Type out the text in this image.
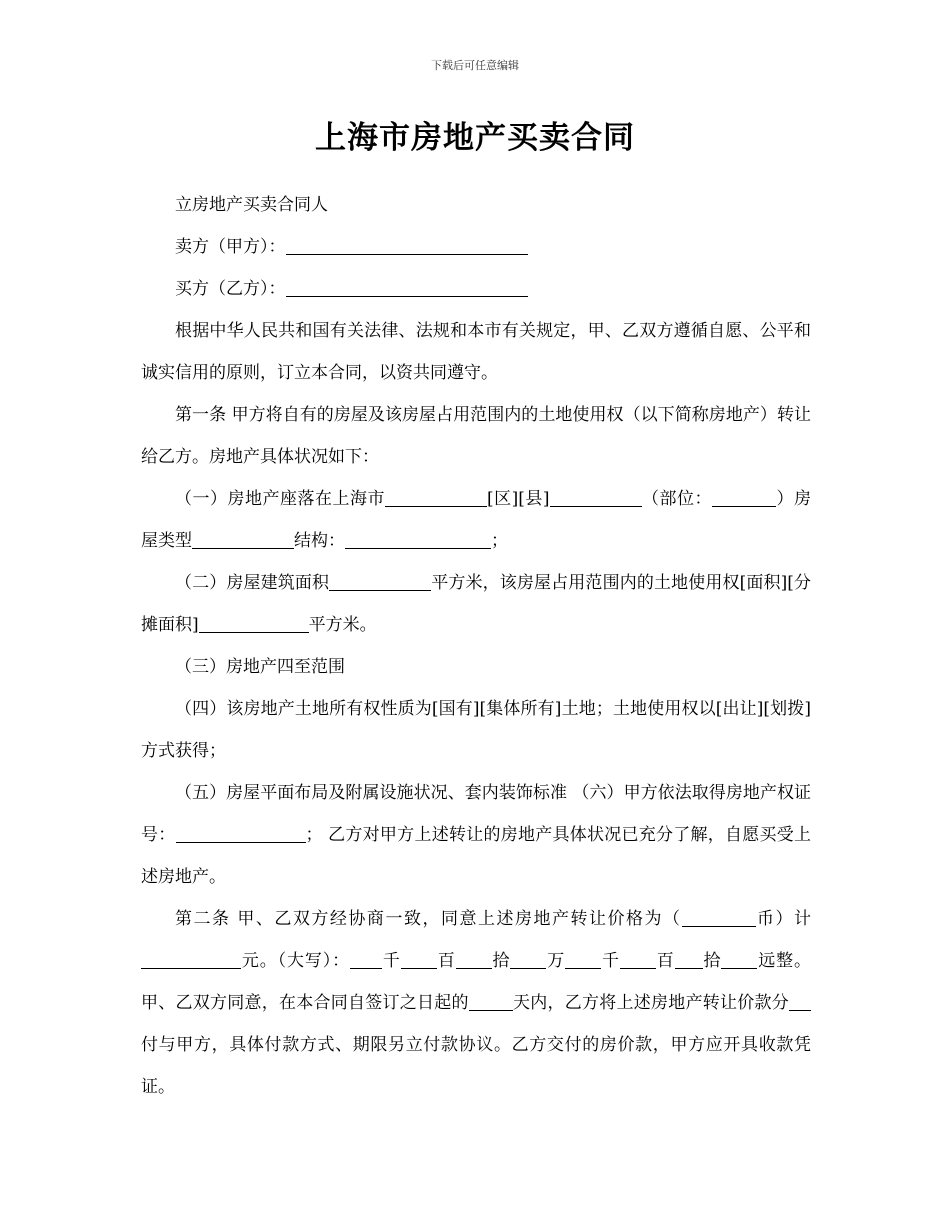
下载后可任意编辑
上海市房地产买卖合同

立房地产买卖合同人

卖方（甲方）：

买方（乙方）：

根据中华人民共和国有关法律、法规和本市有关规定，甲、乙双方遵循自愿、公平和诚实信用的原则，订立本合同，以资共同遵守。

第一条 甲方将自有的房屋及该房屋占用范围内的土地使用权（以下简称房地产）转让给乙方。房地产具体状况如下：

（一）房地产座落在上海市	[区][县]	（部位：	）房屋类型	结构：	；

（二）房屋建筑面积	平方米，该房屋占用范围内的土地使用权[面积][分摊面积]	平方米。

（三）房地产四至范围

（四）该房地产土地所有权性质为[国有][集体所有]土地；土地使用权以[出让][划拨]方式获得；

（五）房屋平面布局及附属设施状况、套内装饰标准 （六）甲方依法取得房地产权证号：	； 乙方对甲方上述转让的房地产具体状况已充分了解，自愿买受上述房地产。

第二条 甲、乙双方经协商一致，同意上述房地产转让价格为（	币）计元。（大写）： 千 百 拾 万 千 百 拾 远整。 甲、乙双方同意，在本合同自签订之日起的	天内，乙方将上述房地产转让价款分付与甲方，具体付款方式、期限另立付款协议。乙方交付的房价款，甲方应开具收款凭证。
